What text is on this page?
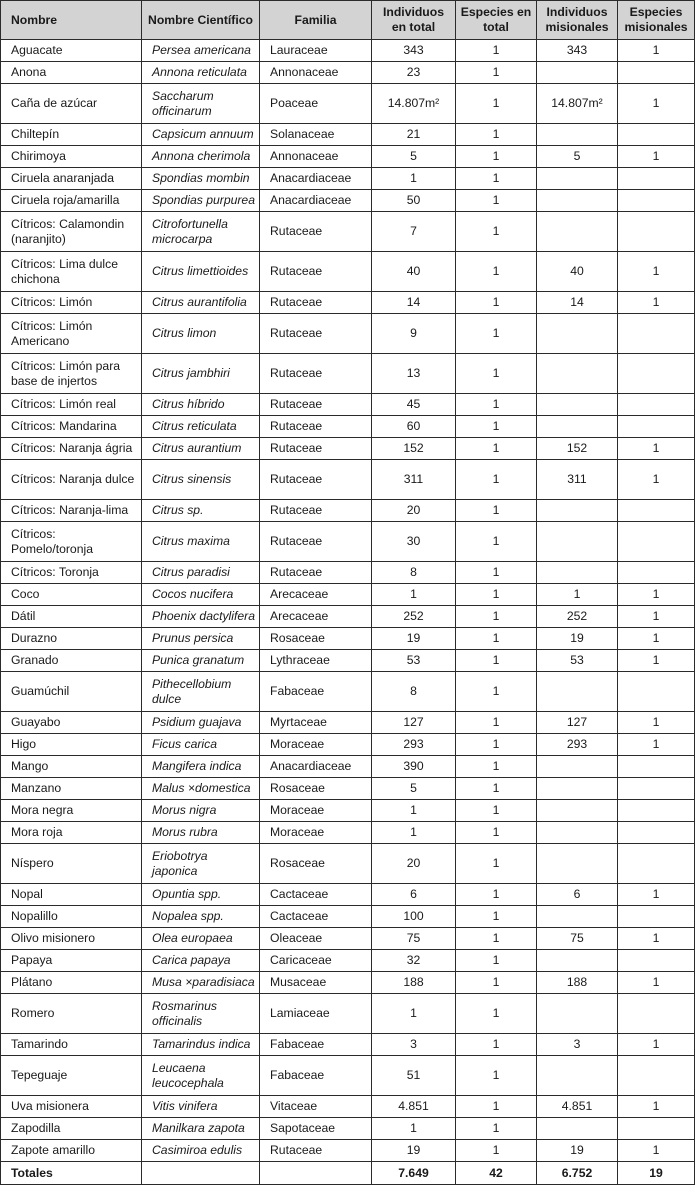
Nombre	Nombre Científico	Familia	Individuos en total	Especies en total	Individuos misionales	Especies misionales
Aguacate	Persea americana	Lauraceae	343	1	343	1
Anona	Annona reticulata	Annonaceae	23	1		
Caña de azúcar	Saccharum officinarum	Poaceae	14.807m²	1	14.807m²	1
Chiltepín	Capsicum annuum	Solanaceae	21	1		
Chirimoya	Annona cherimola	Annonaceae	5	1	5	1
Ciruela anaranjada	Spondias mombin	Anacardiaceae	1	1		
Ciruela roja/amarilla	Spondias purpurea	Anacardiaceae	50	1		
Cítricos: Calamondin (naranjito)	Citrofortunella microcarpa	Rutaceae	7	1		
Cítricos: Lima dulce chichona	Citrus limettioides	Rutaceae	40	1	40	1
Cítricos: Limón	Citrus aurantifolia	Rutaceae	14	1	14	1
Cítricos: Limón Americano	Citrus limon	Rutaceae	9	1		
Cítricos: Limón para base de injertos	Citrus jambhiri	Rutaceae	13	1		
Cítricos: Limón real	Citrus híbrido	Rutaceae	45	1		
Cítricos: Mandarina	Citrus reticulata	Rutaceae	60	1		
Cítricos: Naranja ágria	Citrus aurantium	Rutaceae	152	1	152	1
Cítricos: Naranja dulce	Citrus sinensis	Rutaceae	311	1	311	1
Cítricos: Naranja-lima	Citrus sp.	Rutaceae	20	1		
Cítricos: Pomelo/toronja	Citrus maxima	Rutaceae	30	1		
Cítricos: Toronja	Citrus paradisi	Rutaceae	8	1		
Coco	Cocos nucifera	Arecaceae	1	1	1	1
Dátil	Phoenix dactylifera	Arecaceae	252	1	252	1
Durazno	Prunus persica	Rosaceae	19	1	19	1
Granado	Punica granatum	Lythraceae	53	1	53	1
Guamúchil	Pithecellobium dulce	Fabaceae	8	1		
Guayabo	Psidium guajava	Myrtaceae	127	1	127	1
Higo	Ficus carica	Moraceae	293	1	293	1
Mango	Mangifera indica	Anacardiaceae	390	1		
Manzano	Malus ×domestica	Rosaceae	5	1		
Mora negra	Morus nigra	Moraceae	1	1		
Mora roja	Morus rubra	Moraceae	1	1		
Níspero	Eriobotrya japonica	Rosaceae	20	1		
Nopal	Opuntia spp.	Cactaceae	6	1	6	1
Nopalillo	Nopalea spp.	Cactaceae	100	1		
Olivo misionero	Olea europaea	Oleaceae	75	1	75	1
Papaya	Carica papaya	Caricaceae	32	1		
Plátano	Musa ×paradisiaca	Musaceae	188	1	188	1
Romero	Rosmarinus officinalis	Lamiaceae	1	1		
Tamarindo	Tamarindus indica	Fabaceae	3	1	3	1
Tepeguaje	Leucaena leucocephala	Fabaceae	51	1		
Uva misionera	Vitis vinifera	Vitaceae	4.851	1	4.851	1
Zapodilla	Manilkara zapota	Sapotaceae	1	1		
Zapote amarillo	Casimiroa edulis	Rutaceae	19	1	19	1
Totales			7.649	42	6.752	19
